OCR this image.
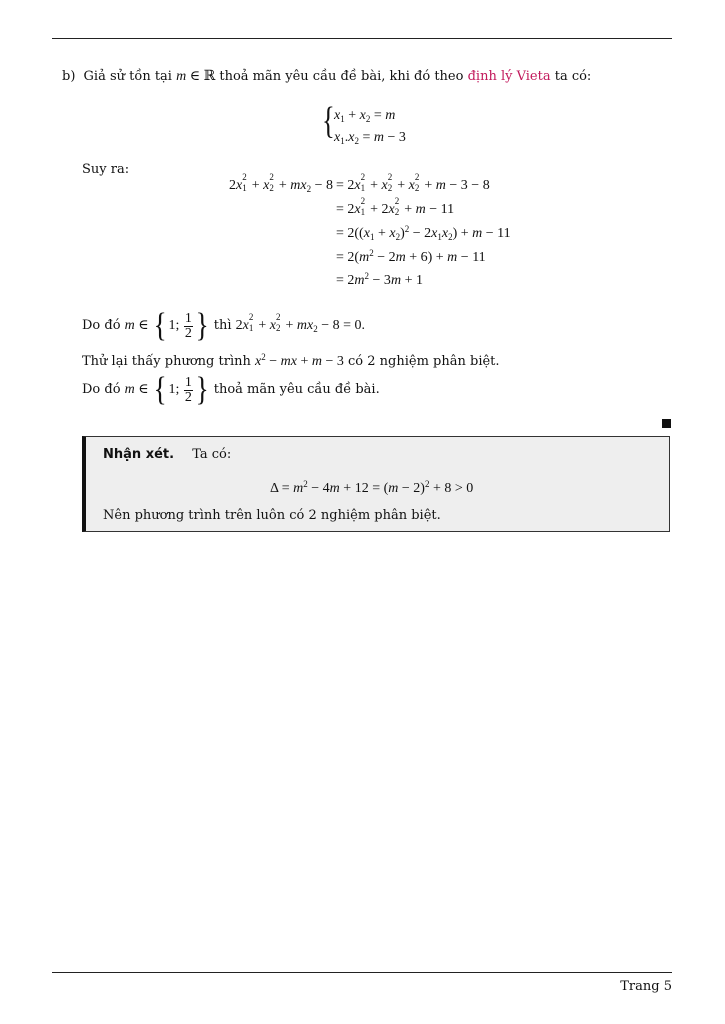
b) Giả sử tồn tại m ∈ ℝ thoả mãn yêu cầu đề bài, khi đó theo định lý Vieta ta có:
{ $x_1 + x_2 = m$
$x_1.x_2 = m - 3$
Suy ra:
2x
2
1 + x
2
$2 + mx_2 - 8 = 2x$
2
1 + x
2
2 + x
2
2 + m − 3 − 8
= 2x
2
1 + 2x
2
2 + m − 11
= $2((x_1 + x_2)^2 - 2x_1x_2) + m - 11$
= $2(m^2 - 2m + 6) + m - 11$
= $2m^2 - 3m + 1$
Do đó m ∈ { 1; $\frac{1}{2}$ } thì 2x
2
1 + x
2
$2 + mx_2 - 8 = 0$.
Thử lại thấy phương trình $x^2$ − mx + m − 3 có 2 nghiệm phân biệt.
Do đó m ∈ { 1; $\frac{1}{2}$ } thoả mãn yêu cầu đề bài.
Nhận xét. Ta có:
$\Delta = m^2 - 4m + 12 = (m - 2)^2 + 8 > 0$
Nên phương trình trên luôn có 2 nghiệm phân biệt.
Trang 5
